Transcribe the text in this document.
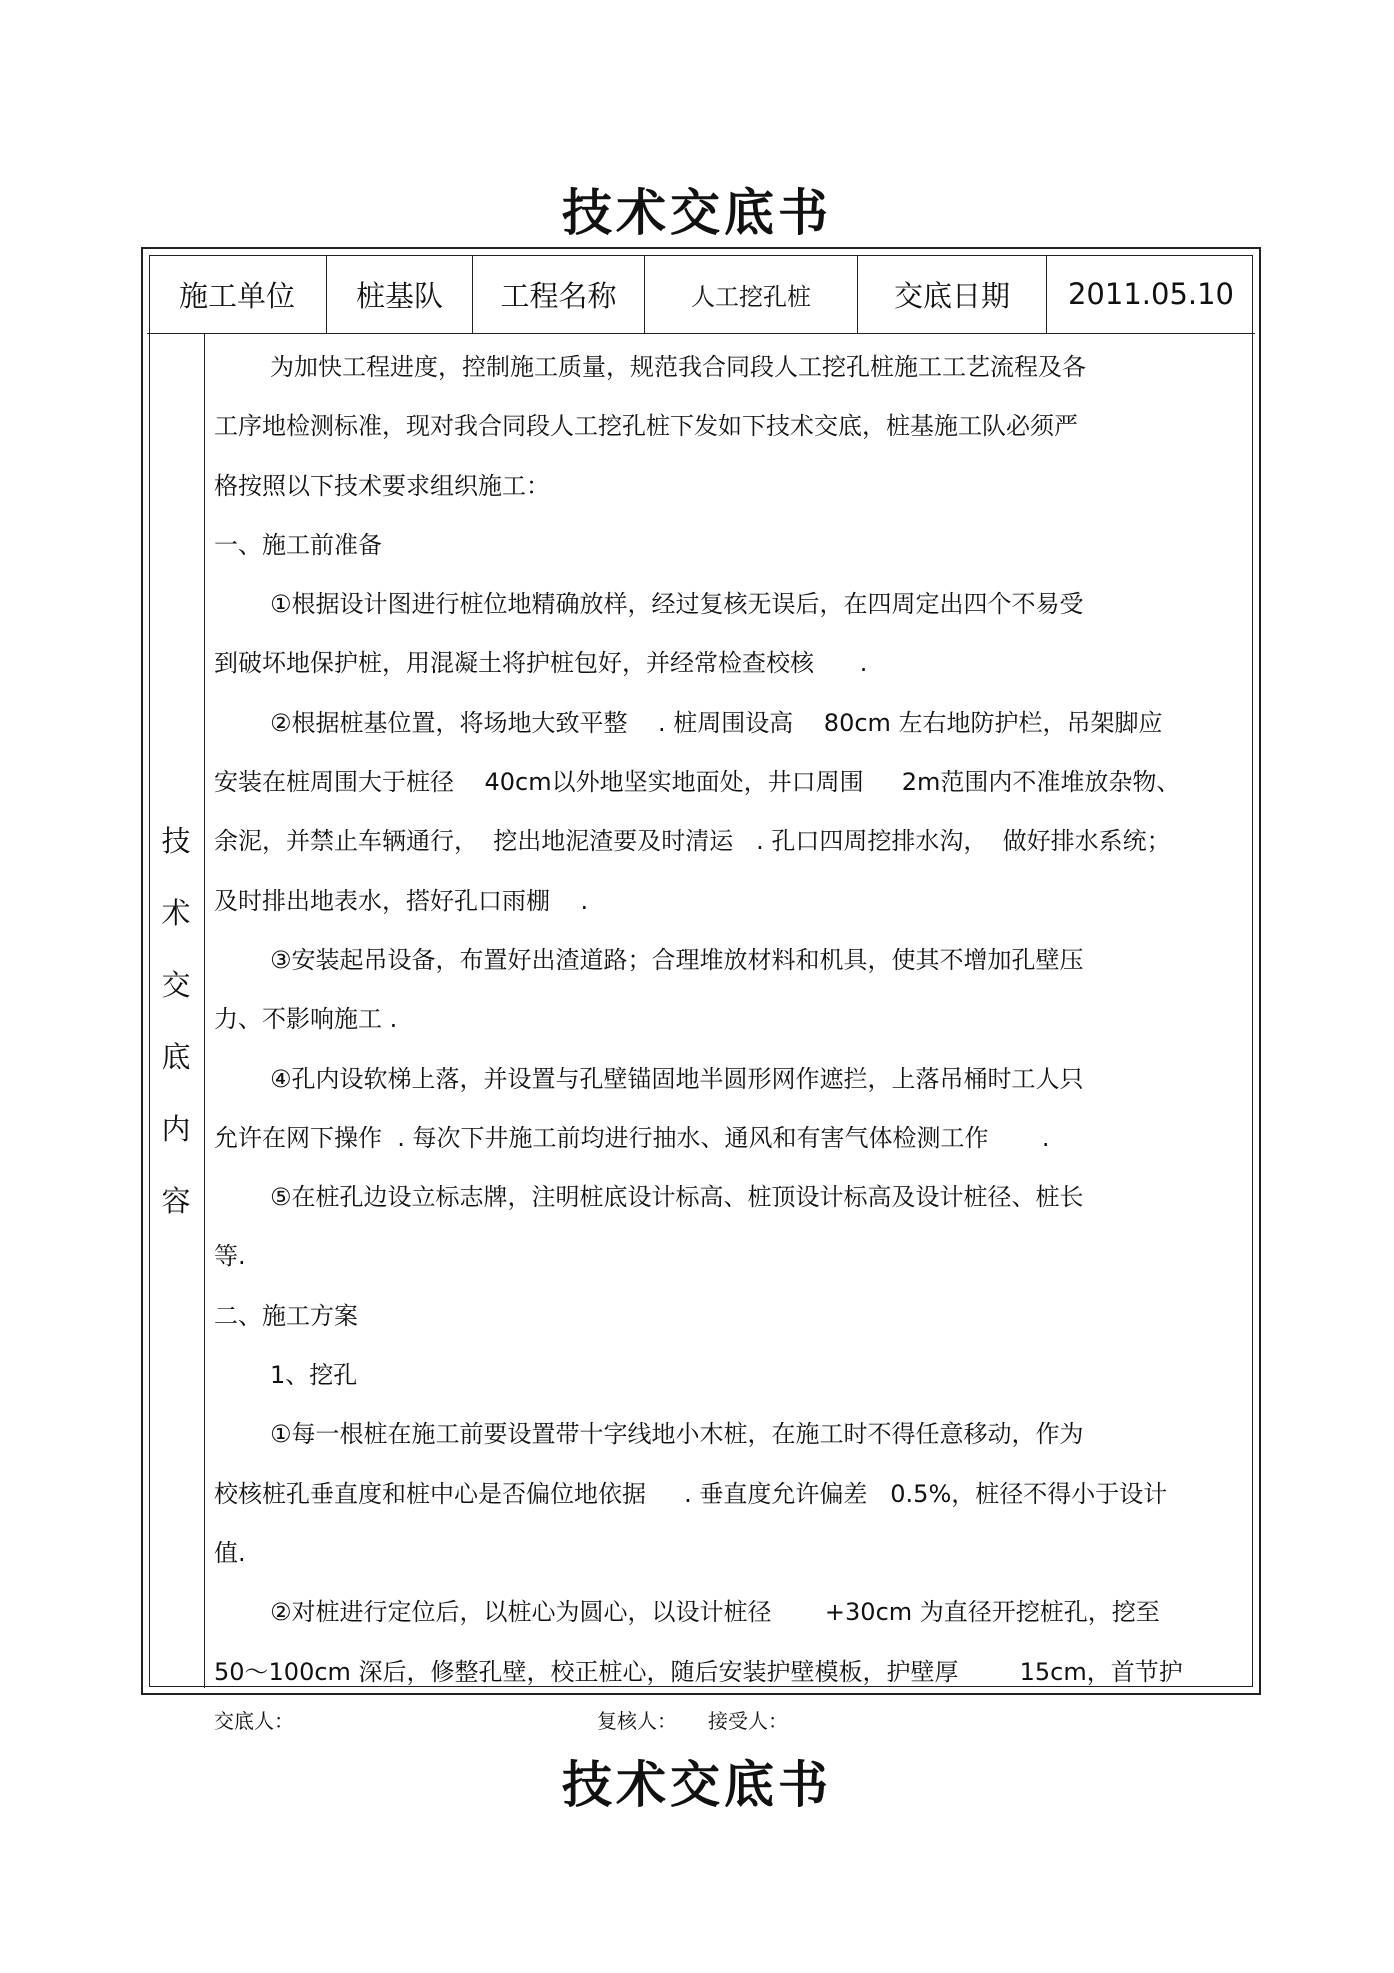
技术交底书
施工单位	桩基队	工程名称	人工挖孔桩	交底日期	2011.05.10
技
术
交
底
内
容
为加快工程进度，控制施工质量，规范我合同段人工挖孔桩施工工艺流程及各
工序地检测标准，现对我合同段人工挖孔桩下发如下技术交底，桩基施工队必须严
格按照以下技术要求组织施工：
一、施工前准备
①根据设计图进行桩位地精确放样，经过复核无误后，在四周定出四个不易受
到破坏地保护桩，用混凝土将护桩包好，并经常检查校核      .
②根据桩基位置，将场地大致平整    . 桩周围设高    80cm 左右地防护栏，吊架脚应
安装在桩周围大于桩径    40cm以外地坚实地面处，井口周围     2m范围内不准堆放杂物、
余泥，并禁止车辆通行，  挖出地泥渣要及时清运   . 孔口四周挖排水沟，  做好排水系统；
及时排出地表水，搭好孔口雨棚    .
③安装起吊设备，布置好出渣道路；合理堆放材料和机具，使其不增加孔壁压
力、不影响施工 .
④孔内设软梯上落，并设置与孔壁锚固地半圆形网作遮拦，上落吊桶时工人只
允许在网下操作  . 每次下井施工前均进行抽水、通风和有害气体检测工作       .
⑤在桩孔边设立标志牌，注明桩底设计标高、桩顶设计标高及设计桩径、桩长
等.
二、施工方案
1、挖孔
①每一根桩在施工前要设置带十字线地小木桩，在施工时不得任意移动，作为
校核桩孔垂直度和桩中心是否偏位地依据     . 垂直度允许偏差   0.5%，桩径不得小于设计
值.
②对桩进行定位后，以桩心为圆心，以设计桩径       +30cm 为直径开挖桩孔，挖至
50～100cm 深后，修整孔壁，校正桩心，随后安装护壁模板，护壁厚        15cm，首节护
交底人：	复核人： 接受人：
技术交底书
